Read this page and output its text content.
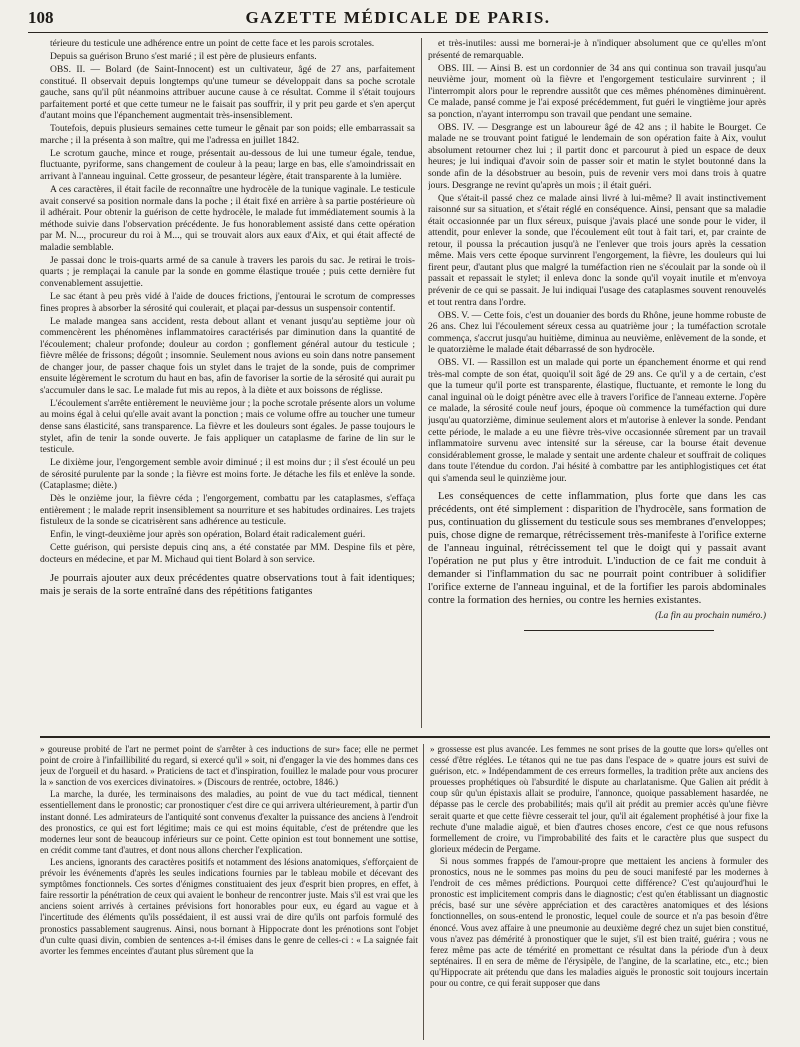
108	GAZETTE MÉDICALE DE PARIS.

térieure du testicule une adhérence entre un point de cette face et les parois scrotales.

Depuis sa guérison Bruno s'est marié ; il est père de plusieurs enfants.

OBS. II. — Bolard (de Saint-Innocent) est un cultivateur, âgé de 27 ans, parfaitement constitué. Il observait depuis longtemps qu'une tumeur se développait dans sa poche scrotale gauche, sans qu'il pût néanmoins attribuer aucune cause à ce résultat. Comme il s'était toujours parfaitement porté et que cette tumeur ne le faisait pas souffrir, il y prit peu garde et s'en aperçut d'autant moins que l'épanchement augmentait très-insensiblement.

Toutefois, depuis plusieurs semaines cette tumeur le gênait par son poids; elle embarrassait sa marche ; il la présenta à son maître, qui me l'adressa en juillet 1842.

Le scrotum gauche, mince et rouge, présentait au-dessous de lui une tumeur égale, tendue, fluctuante, pyriforme, sans changement de couleur à la peau; large en bas, elle s'amoindrissait en arrivant à l'anneau inguinal. Cette grosseur, de pesanteur légère, était transparente à la lumière.

A ces caractères, il était facile de reconnaître une hydrocèle de la tunique vaginale. Le testicule avait conservé sa position normale dans la poche ; il était fixé en arrière à sa partie postérieure où il adhérait. Pour obtenir la guérison de cette hydrocèle, le malade fut immédiatement soumis à la méthode suivie dans l'observation précédente. Je fus honorablement assisté dans cette opération par M. N..., procureur du roi à M..., qui se trouvait alors aux eaux d'Aix, et qui était affecté de maladie semblable.

Je passai donc le trois-quarts armé de sa canule à travers les parois du sac. Je retirai le trois-quarts ; je remplaçai la canule par la sonde en gomme élastique trouée ; puis cette dernière fut convenablement assujettie.

Le sac étant à peu près vidé à l'aide de douces frictions, j'entourai le scrotum de compresses fines propres à absorber la sérosité qui coulerait, et plaçai par-dessus un suspensoir contentif.

Le malade mangea sans accident, resta debout allant et venant jusqu'au septième jour où commencèrent les phénomènes inflammatoires caractérisés par diminution dans la quantité de l'écoulement; chaleur profonde; douleur au cordon ; gonflement général autour du testicule ; fièvre mêlée de frissons; dégoût ; insomnie. Seulement nous avions eu soin dans notre pansement de changer jour, de passer chaque fois un stylet dans le trajet de la sonde, puis de comprimer ensuite légèrement le scrotum du haut en bas, afin de favoriser la sortie de la sérosité qui aurait pu s'accumuler dans le sac. Le malade fut mis au repos, à la diète et aux boissons de réglisse.

L'écoulement s'arrête entièrement le neuvième jour ; la poche scrotale présente alors un volume au moins égal à celui qu'elle avait avant la ponction ; mais ce volume offre au toucher une tumeur dense sans élasticité, sans transparence. La fièvre et les douleurs sont égales. Je passe toujours le stylet, afin de tenir la sonde ouverte. Je fais appliquer un cataplasme de farine de lin sur le testicule.

Le dixième jour, l'engorgement semble avoir diminué ; il est moins dur ; il s'est écoulé un peu de sérosité purulente par la sonde ; la fièvre est moins forte. Je détache les fils et enlève la sonde. (Cataplasme; diète.)

Dès le onzième jour, la fièvre céda ; l'engorgement, combattu par les cataplasmes, s'effaça entièrement ; le malade reprit insensiblement sa nourriture et ses habitudes ordinaires. Les trajets fistuleux de la sonde se cicatrisèrent sans adhérence au testicule.

Enfin, le vingt-deuxième jour après son opération, Bolard était radicalement guéri.

Cette guérison, qui persiste depuis cinq ans, a été constatée par MM. Despine fils et père, docteurs en médecine, et par M. Michaud qui tient Bolard à son service.

Je pourrais ajouter aux deux précédentes quatre observations tout à fait identiques; mais je serais de la sorte entraîné dans des répétitions fatigantes

et très-inutiles: aussi me bornerai-je à n'indiquer absolument que ce qu'elles m'ont présenté de remarquable.

OBS. III. — Ainsi B. est un cordonnier de 34 ans qui continua son travail jusqu'au neuvième jour, moment où la fièvre et l'engorgement testiculaire survinrent ; il l'interrompit alors pour le reprendre aussitôt que ces mêmes phénomènes diminuèrent. Ce malade, pansé comme je l'ai exposé précédemment, fut guéri le vingtième jour après sa ponction, n'ayant interrompu son travail que pendant une semaine.

OBS. IV. — Desgrange est un laboureur âgé de 42 ans ; il habite le Bourget. Ce malade ne se trouvant point fatigué le lendemain de son opération faite à Aix, voulut absolument retourner chez lui ; il partit donc et parcourut à pied un espace de deux heures; je lui indiquai d'avoir soin de passer soir et matin le stylet boutonné dans la sonde afin de la désobstruer au besoin, puis de revenir vers moi dans trois à quatre jours. Desgrange ne revint qu'après un mois ; il était guéri.

Que s'était-il passé chez ce malade ainsi livré à lui-même? Il avait instinctivement raisonné sur sa situation, et s'était réglé en conséquence. Ainsi, pensant que sa maladie était occasionnée par un flux séreux, puisque j'avais placé une sonde pour le vider, il attendit, pour enlever la sonde, que l'écoulement eût tout à fait tari, et, par crainte de retour, il poussa la précaution jusqu'à ne l'enlever que trois jours après la cessation même. Mais vers cette époque survinrent l'engorgement, la fièvre, les douleurs qui lui firent peur, d'autant plus que malgré la tuméfaction rien ne s'écoulait par la sonde où il passait et repassait le stylet; il enleva donc la sonde qu'il voyait inutile et m'envoya prévenir de ce qui se passait. Je lui indiquai l'usage des cataplasmes souvent renouvelés et tout rentra dans l'ordre.

OBS. V. — Cette fois, c'est un douanier des bords du Rhône, jeune homme robuste de 26 ans. Chez lui l'écoulement séreux cessa au quatrième jour ; la tuméfaction scrotale commença, s'accrut jusqu'au huitième, diminua au neuvième, enlèvement de la sonde, et le quatorzième le malade était débarrassé de son hydrocèle.

OBS. VI. — Rassillon est un malade qui porte un épanchement énorme et qui rend très-mal compte de son état, quoiqu'il soit âgé de 29 ans. Ce qu'il y a de certain, c'est que la tumeur qu'il porte est transparente, élastique, fluctuante, et remonte le long du canal inguinal où le doigt pénètre avec elle à travers l'orifice de l'anneau externe. J'opère ce malade, la sérosité coule neuf jours, époque où commence la tuméfaction qui dure jusqu'au quatorzième, diminue seulement alors et m'autorise à enlever la sonde. Pendant cette période, le malade a eu une fièvre très-vive occasionnée sûrement par un travail inflammatoire survenu avec intensité sur la séreuse, car la bourse était devenue considérablement grosse, le malade y sentait une ardente chaleur et souffrait de coliques dans toute l'étendue du cordon. J'ai hésité à combattre par les antiphlogistiques cet état qui s'amenda seul le quinzième jour.

Les conséquences de cette inflammation, plus forte que dans les cas précédents, ont été simplement : disparition de l'hydrocèle, sans formation de pus, continuation du glissement du testicule sous ses membranes d'enveloppes; puis, chose digne de remarque, rétrécissement très-manifeste à l'orifice externe de l'anneau inguinal, rétrécissement tel que le doigt qui y passait avant l'opération ne put plus y être introduit. L'induction de ce fait me conduit à demander si l'inflammation du sac ne pourrait point contribuer à solidifier l'orifice externe de l'anneau inguinal, et de la fortifier les parois abdominales contre la formation des hernies, ou contre les hernies existantes.

(La fin au prochain numéro.)

» goureuse probité de l'art ne permet point de s'arrêter à ces inductions de sur» face; elle ne permet point de croire à l'infaillibilité du regard, si exercé qu'il » soit, ni d'engager la vie des hommes dans ces jeux de l'orgueil et du hasard. » Praticiens de tact et d'inspiration, fouillez le malade pour vous procurer la » sanction de vos exercices divinatoires. » (Discours de rentrée, octobre, 1846.)

La marche, la durée, les terminaisons des maladies, au point de vue du tact médical, tiennent essentiellement dans le pronostic; car pronostiquer c'est dire ce qui arrivera ultérieurement, à partir d'un instant donné. Les admirateurs de l'antiquité sont convenus d'exalter la puissance des anciens à l'endroit des pronostics, ce qui est fort légitime; mais ce qui est moins équitable, c'est de prétendre que les modernes leur sont de beaucoup inférieurs sur ce point. Cette opinion est tout bonnement une sottise, en crédit comme tant d'autres, et dont nous allons chercher l'explication.

Les anciens, ignorants des caractères positifs et notamment des lésions anatomiques, s'efforçaient de prévoir les événements d'après les seules indications fournies par le tableau mobile et décevant des symptômes fonctionnels. Ces sortes d'énigmes constituaient des jeux d'esprit bien propres, en effet, à faire ressortir la pénétration de ceux qui avaient le bonheur de rencontrer juste. Mais s'il est vrai que les anciens soient arrivés à certaines prévisions fort honorables pour eux, eu égard au vague et à l'incertitude des éléments qu'ils possédaient, il est aussi vrai de dire qu'ils ont parfois formulé des pronostics passablement saugrenus. Ainsi, nous bornant à Hippocrate dont les prénotions sont l'objet d'un culte quasi divin, combien de sentences a-t-il émises dans le genre de celles-ci : « La saignée fait avorter les femmes enceintes d'autant plus sûrement que la

» grossesse est plus avancée. Les femmes ne sont prises de la goutte que lors» qu'elles ont cessé d'être réglées. Le tétanos qui ne tue pas dans l'espace de » quatre jours est suivi de guérison, etc. » Indépendamment de ces erreurs formelles, la tradition prête aux anciens des prouesses prophétiques où l'absurdité le dispute au charlatanisme. Que Galien ait prédit à coup sûr qu'un épistaxis allait se produire, l'annonce, quoique passablement hasardée, ne dépasse pas le cercle des probabilités; mais qu'il ait prédit au premier accès qu'une fièvre serait quarte et que cette fièvre cesserait tel jour, qu'il ait également prophétisé à jour fixe la rechute d'une maladie aiguë, et bien d'autres choses encore, c'est ce que nous refusons formellement de croire, vu l'improbabilité des faits et le caractère plus que suspect du glorieux médecin de Pergame.

Si nous sommes frappés de l'amour-propre que mettaient les anciens à formuler des pronostics, nous ne le sommes pas moins du peu de souci manifesté par les modernes à l'endroit de ces mêmes prédictions. Pourquoi cette différence? C'est qu'aujourd'hui le pronostic est implicitement compris dans le diagnostic; c'est qu'en établissant un diagnostic précis, basé sur une sévère appréciation et des caractères anatomiques et des lésions fonctionnelles, on sous-entend le pronostic, lequel coule de source et n'a pas besoin d'être énoncé. Vous avez affaire à une pneumonie au deuxième degré chez un sujet bien constitué, vous n'avez pas démérité à pronostiquer que le sujet, s'il est bien traité, guérira ; vous ne ferez même pas acte de témérité en promettant ce résultat dans la période d'un à deux septénaires. Il en sera de même de l'érysipèle, de l'angine, de la scarlatine, etc., etc.; bien qu'Hippocrate ait prétendu que dans les maladies aiguës le pronostic soit toujours incertain pour ou contre, ce qui ferait supposer que dans
